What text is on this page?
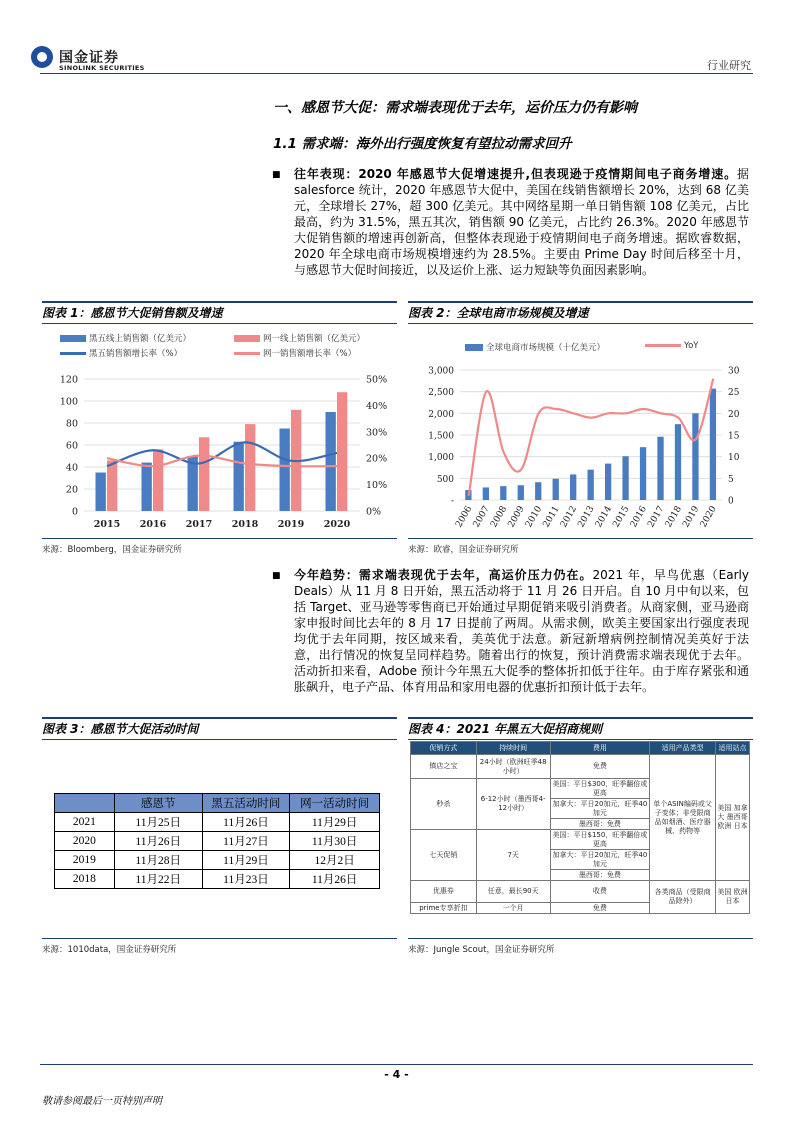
国金证券
SINOLINK SECURITIES	行业研究
一、感恩节大促：需求端表现优于去年，运价压力仍有影响
1.1 需求端：海外出行强度恢复有望拉动需求回升
■ 往年表现：2020 年感恩节大促增速提升,但表现逊于疫情期间电子商务增速。据 salesforce 统计，2020 年感恩节大促中，美国在线销售额增长 20%，达到 68 亿美元，全球增长 27%，超 300 亿美元。其中网络星期一单日销售额 108 亿美元，占比最高，约为 31.5%，黑五其次，销售额 90 亿美元，占比约 26.3%。2020 年感恩节大促销售额的增速再创新高，但整体表现逊于疫情期间电子商务增速。据欧睿数据，2020 年全球电商市场规模增速约为 28.5%。主要由 Prime Day 时间后移至十月，与感恩节大促时间接近，以及运价上涨、运力短缺等负面因素影响。
图表 1：感恩节大促销售额及增速
黑五线上销售额（亿美元）	网一线上销售额（亿美元）
黑五销售额增长率（%）	网一销售额增长率（%）
0
20
40
60
80
100
120
0%
10%
20%
30%
40%
50%
2015 2016 2017 2018 2019 2020
来源：Bloomberg，国金证券研究所
图表 2：全球电商市场规模及增速
全球电商市场规模（十亿美元）	YoY
-
500
1,000
1,500
2,000
2,500
3,000
0
5
10
15
20
25
30
2006
2007
2008
2009
2010
2011
2012
2013
2014
2015
2016
2017
2018
2019
2020
来源：欧睿，国金证券研究所
■ 今年趋势：需求端表现优于去年，高运价压力仍在。2021 年，早鸟优惠（Early Deals）从 11 月 8 日开始，黑五活动将于 11 月 26 日开启。自 10 月中旬以来，包括 Target、亚马逊等零售商已开始通过早期促销来吸引消费者。从商家侧，亚马逊商家申报时间比去年的 8 月 17 日提前了两周。从需求侧，欧美主要国家出行强度表现均优于去年同期，按区域来看，美英优于法意。新冠新增病例控制情况美英好于法意，出行情况的恢复呈同样趋势。随着出行的恢复，预计消费需求端表现优于去年。活动折扣来看，Adobe 预计今年黑五大促季的整体折扣低于往年。由于库存紧张和通胀飙升，电子产品、体育用品和家用电器的优惠折扣预计低于去年。
图表 3：感恩节大促活动时间
	感恩节	黑五活动时间	网一活动时间
2021	11月25日	11月26日	11月29日
2020	11月26日	11月27日	11月30日
2019	11月28日	11月29日	12月2日
2018	11月22日	11月23日	11月26日
来源：1010data，国金证券研究所
图表 4：2021 年黑五大促招商规则
促销方式	持续时间	费用	适用产品类型	适用站点
镇店之宝	24小时（欧洲旺季48小时）	免费	单个ASIN编码或父子变体；非受限商品如烟酒、医疗器械、药物等	美国 加拿大 墨西哥 欧洲 日本
秒杀	6-12小时（墨西哥4-12小时）	美国：平日$300，旺季翻倍或更高		
		加拿大：平日20加元，旺季40加元		
		墨西哥：免费		
七天促销	7天	美国：平日$150，旺季翻倍或更高		
		加拿大：平日20加元，旺季40加元		
		墨西哥：免费		
优惠券	任意，最长90天	收费	各类商品（受限商品除外）	美国 欧洲 日本
prime专享折扣	一个月	免费		
来源：Jungle Scout，国金证券研究所
- 4 -
敬请参阅最后一页特别声明
